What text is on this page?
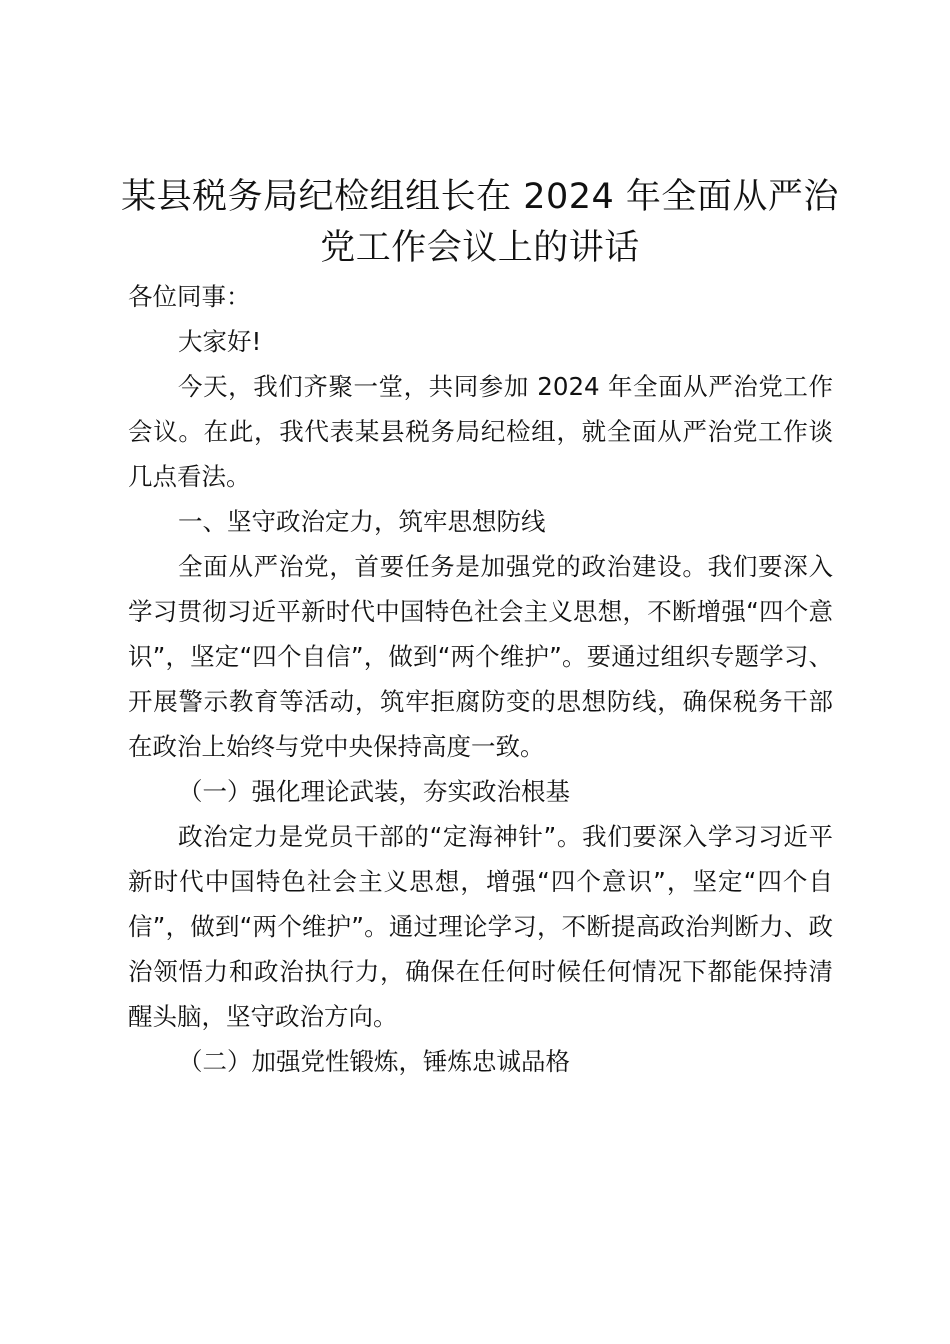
某县税务局纪检组组长在 2024 年全面从严治
党工作会议上的讲话

各位同事：

大家好!

今天，我们齐聚一堂，共同参加 2024 年全面从严治党工作会议。在此，我代表某县税务局纪检组，就全面从严治党工作谈几点看法。

一、坚守政治定力，筑牢思想防线

全面从严治党，首要任务是加强党的政治建设。我们要深入学习贯彻习近平新时代中国特色社会主义思想，不断增强“四个意识”，坚定“四个自信”，做到“两个维护”。要通过组织专题学习、开展警示教育等活动，筑牢拒腐防变的思想防线，确保税务干部在政治上始终与党中央保持高度一致。

（一）强化理论武装，夯实政治根基

政治定力是党员干部的“定海神针”。我们要深入学习习近平新时代中国特色社会主义思想，增强“四个意识”，坚定“四个自信”，做到“两个维护”。通过理论学习，不断提高政治判断力、政治领悟力和政治执行力，确保在任何时候任何情况下都能保持清醒头脑，坚守政治方向。

（二）加强党性锻炼，锤炼忠诚品格
